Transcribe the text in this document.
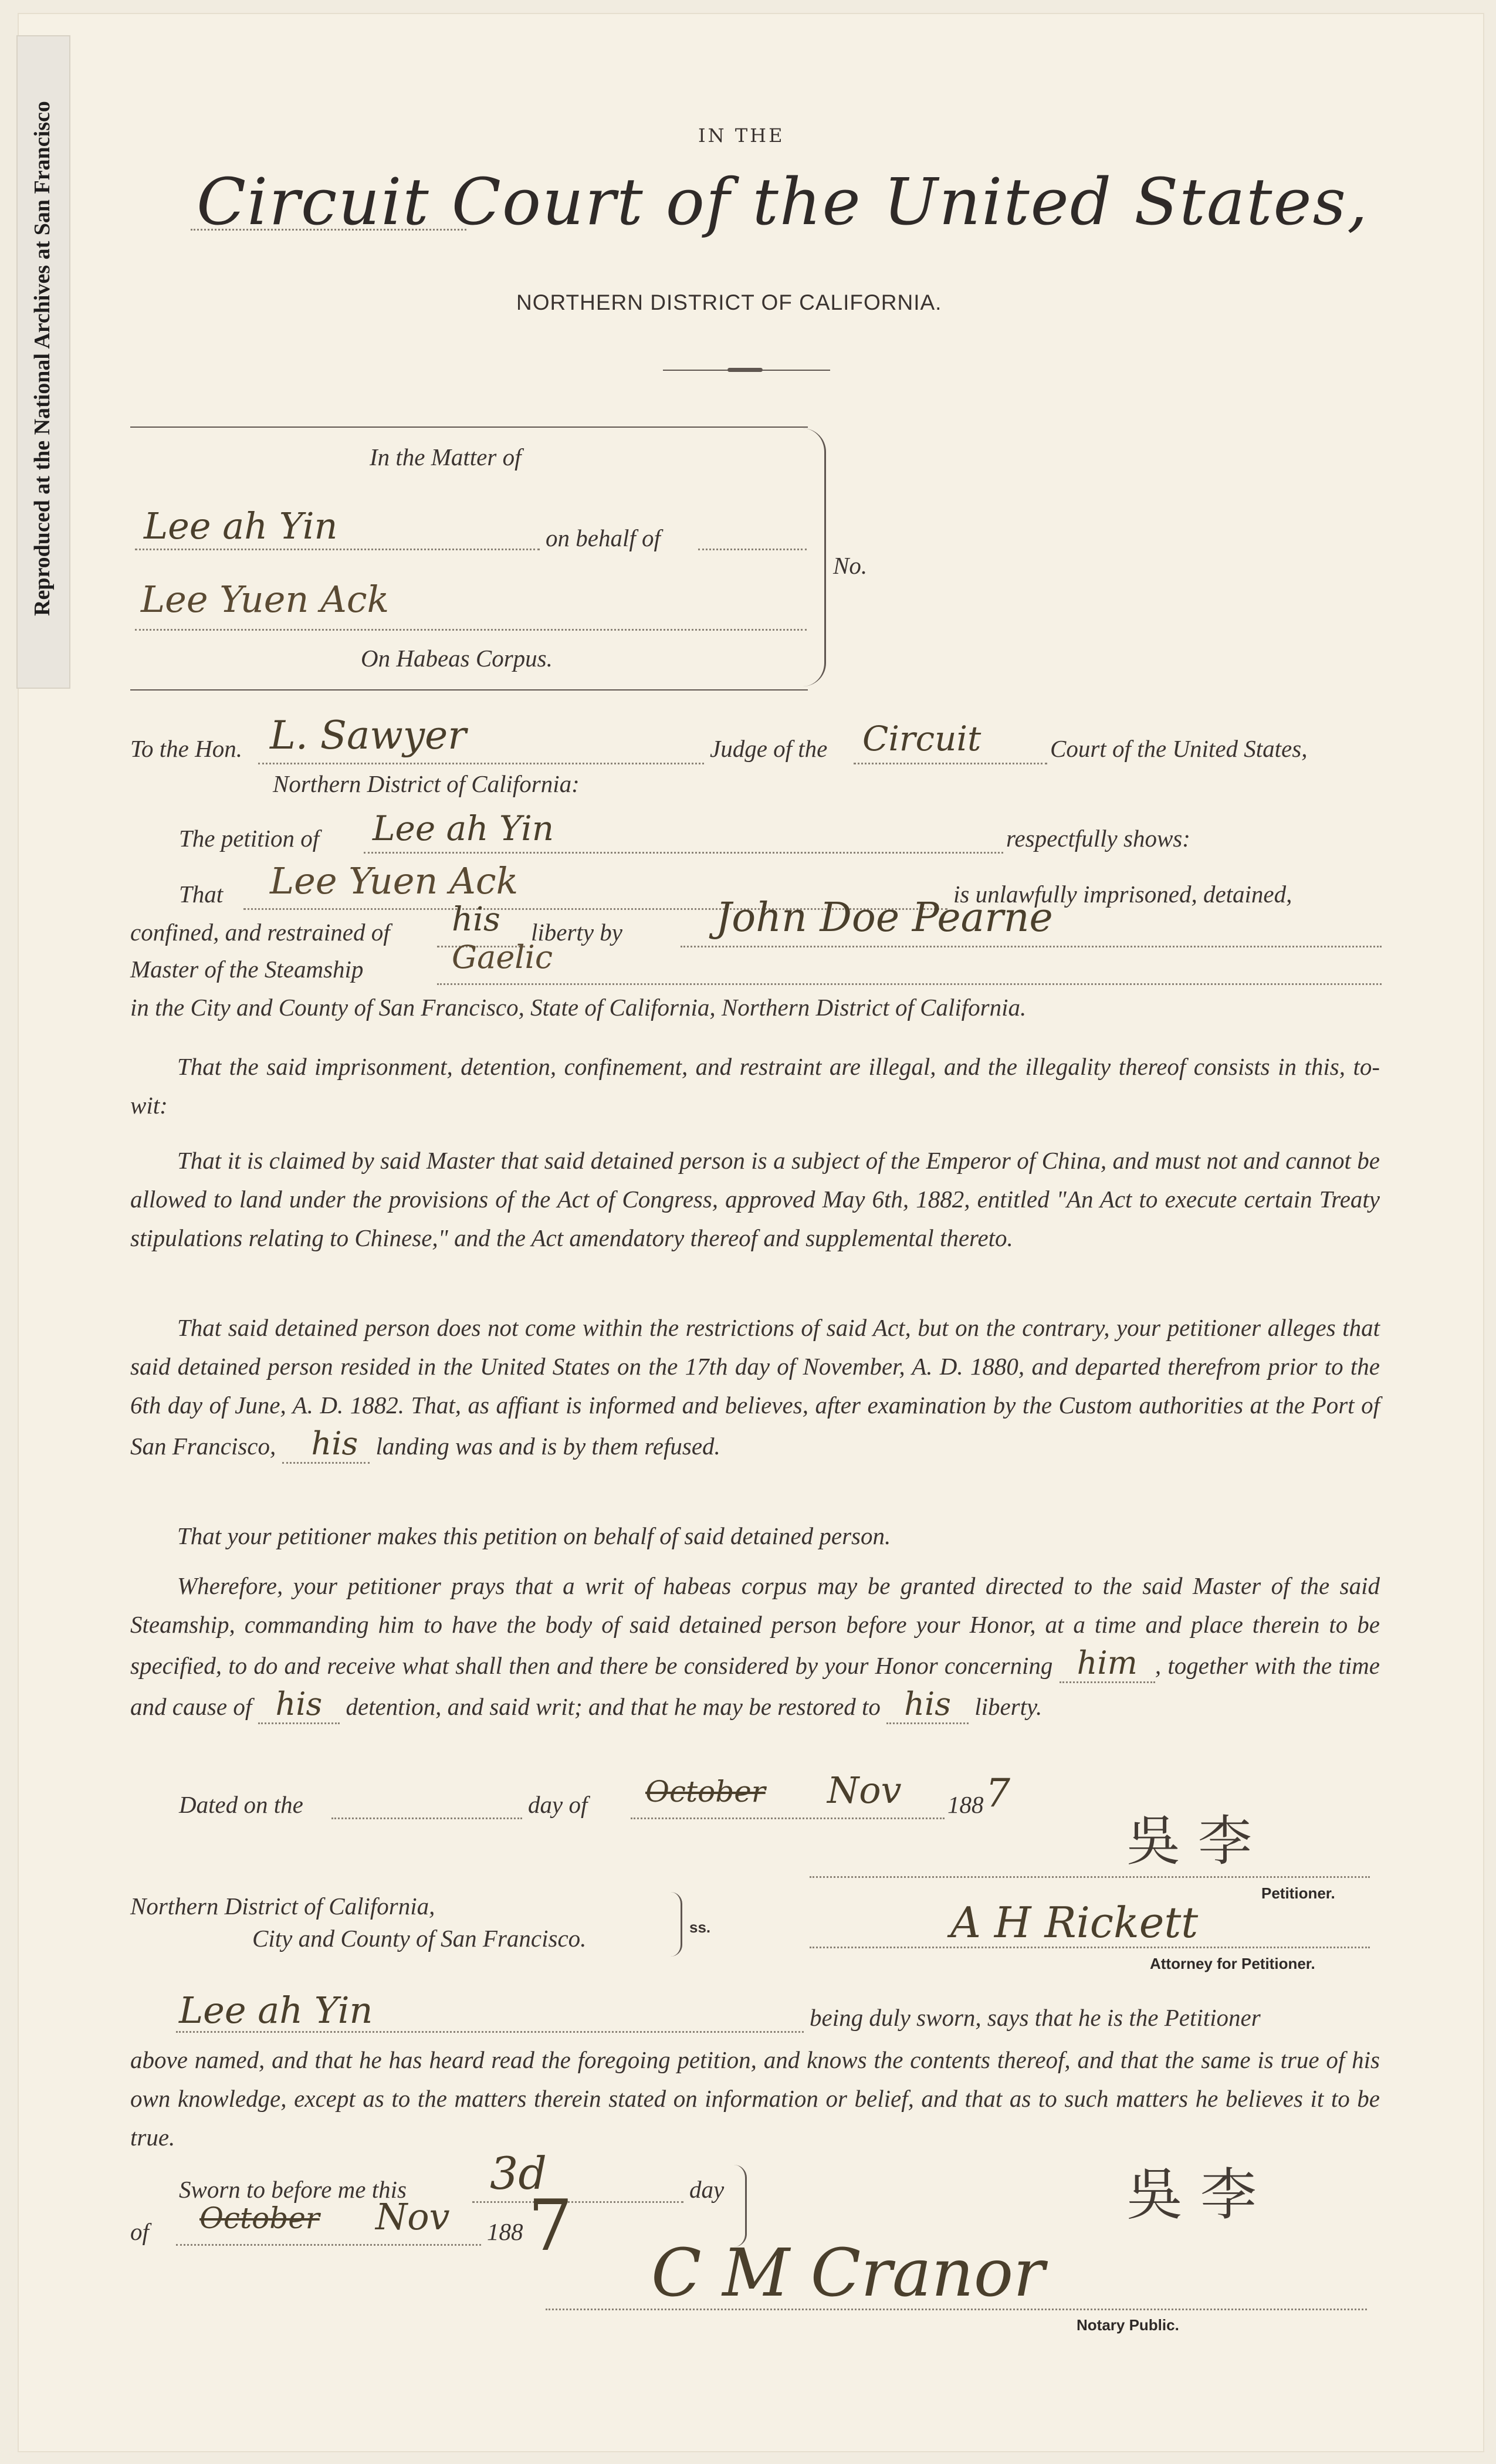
Reproduced at the National Archives at San Francisco	IN THE
Circuit Court of the United States,
NORTHERN DISTRICT OF CALIFORNIA.
In the Matter of
Lee ah Yin	on behalf of
No.
Lee Yuen Ack
On Habeas Corpus.
To the Hon. L. Sawyer	Judge of the Circuit	Court of the United States,
Northern District of California:
The petition of Lee ah Yin	respectfully shows:
That Lee Yuen Ack	is unlawfully imprisoned, detained,
confined, and restrained of his liberty by John Doe Pearne
Master of the Steamship	Gaelic
in the City and County of San Francisco, State of California, Northern District of California.
That the said imprisonment, detention, confinement, and restraint are illegal, and the illegality thereof consists in this, to-wit:
That it is claimed by said Master that said detained person is a subject of the Emperor of China, and must not and cannot be allowed to land under the provisions of the Act of Congress, approved May 6th, 1882, entitled "An Act to execute certain Treaty stipulations relating to Chinese," and the Act amendatory thereof and supplemental thereto.
That said detained person does not come within the restrictions of said Act, but on the contrary, your petitioner alleges that said detained person resided in the United States on the 17th day of November, A. D. 1880, and departed therefrom prior to the 6th day of June, A. D. 1882. That, as affiant is informed and believes, after examination by the Custom authorities at the Port of San Francisco, his landing was and is by them refused.
That your petitioner makes this petition on behalf of said detained person.
Wherefore, your petitioner prays that a writ of habeas corpus may be granted directed to the said Master of the said Steamship, commanding him to have the body of said detained person before your Honor, at a time and place therein to be specified, to do and receive what shall then and there be considered by your Honor concerning him , together with the time and cause of his detention, and said writ; and that he may be restored to his liberty.
Dated on the	day of October Nov 188 7
吳李
Petitioner.
A H Rickett
Attorney for Petitioner.
Northern District of California,
City and County of San Francisco.	ss.
Lee ah Yin	being duly sworn, says that he is the Petitioner
above named, and that he has heard read the foregoing petition, and knows the contents thereof, and that the same is true of his own knowledge, except as to the matters therein stated on information or belief, and that as to such matters he believes it to be true.
Sworn to before me this 3d	day
of October Nov 188 7
C M Cranor
Notary Public.
吳李
